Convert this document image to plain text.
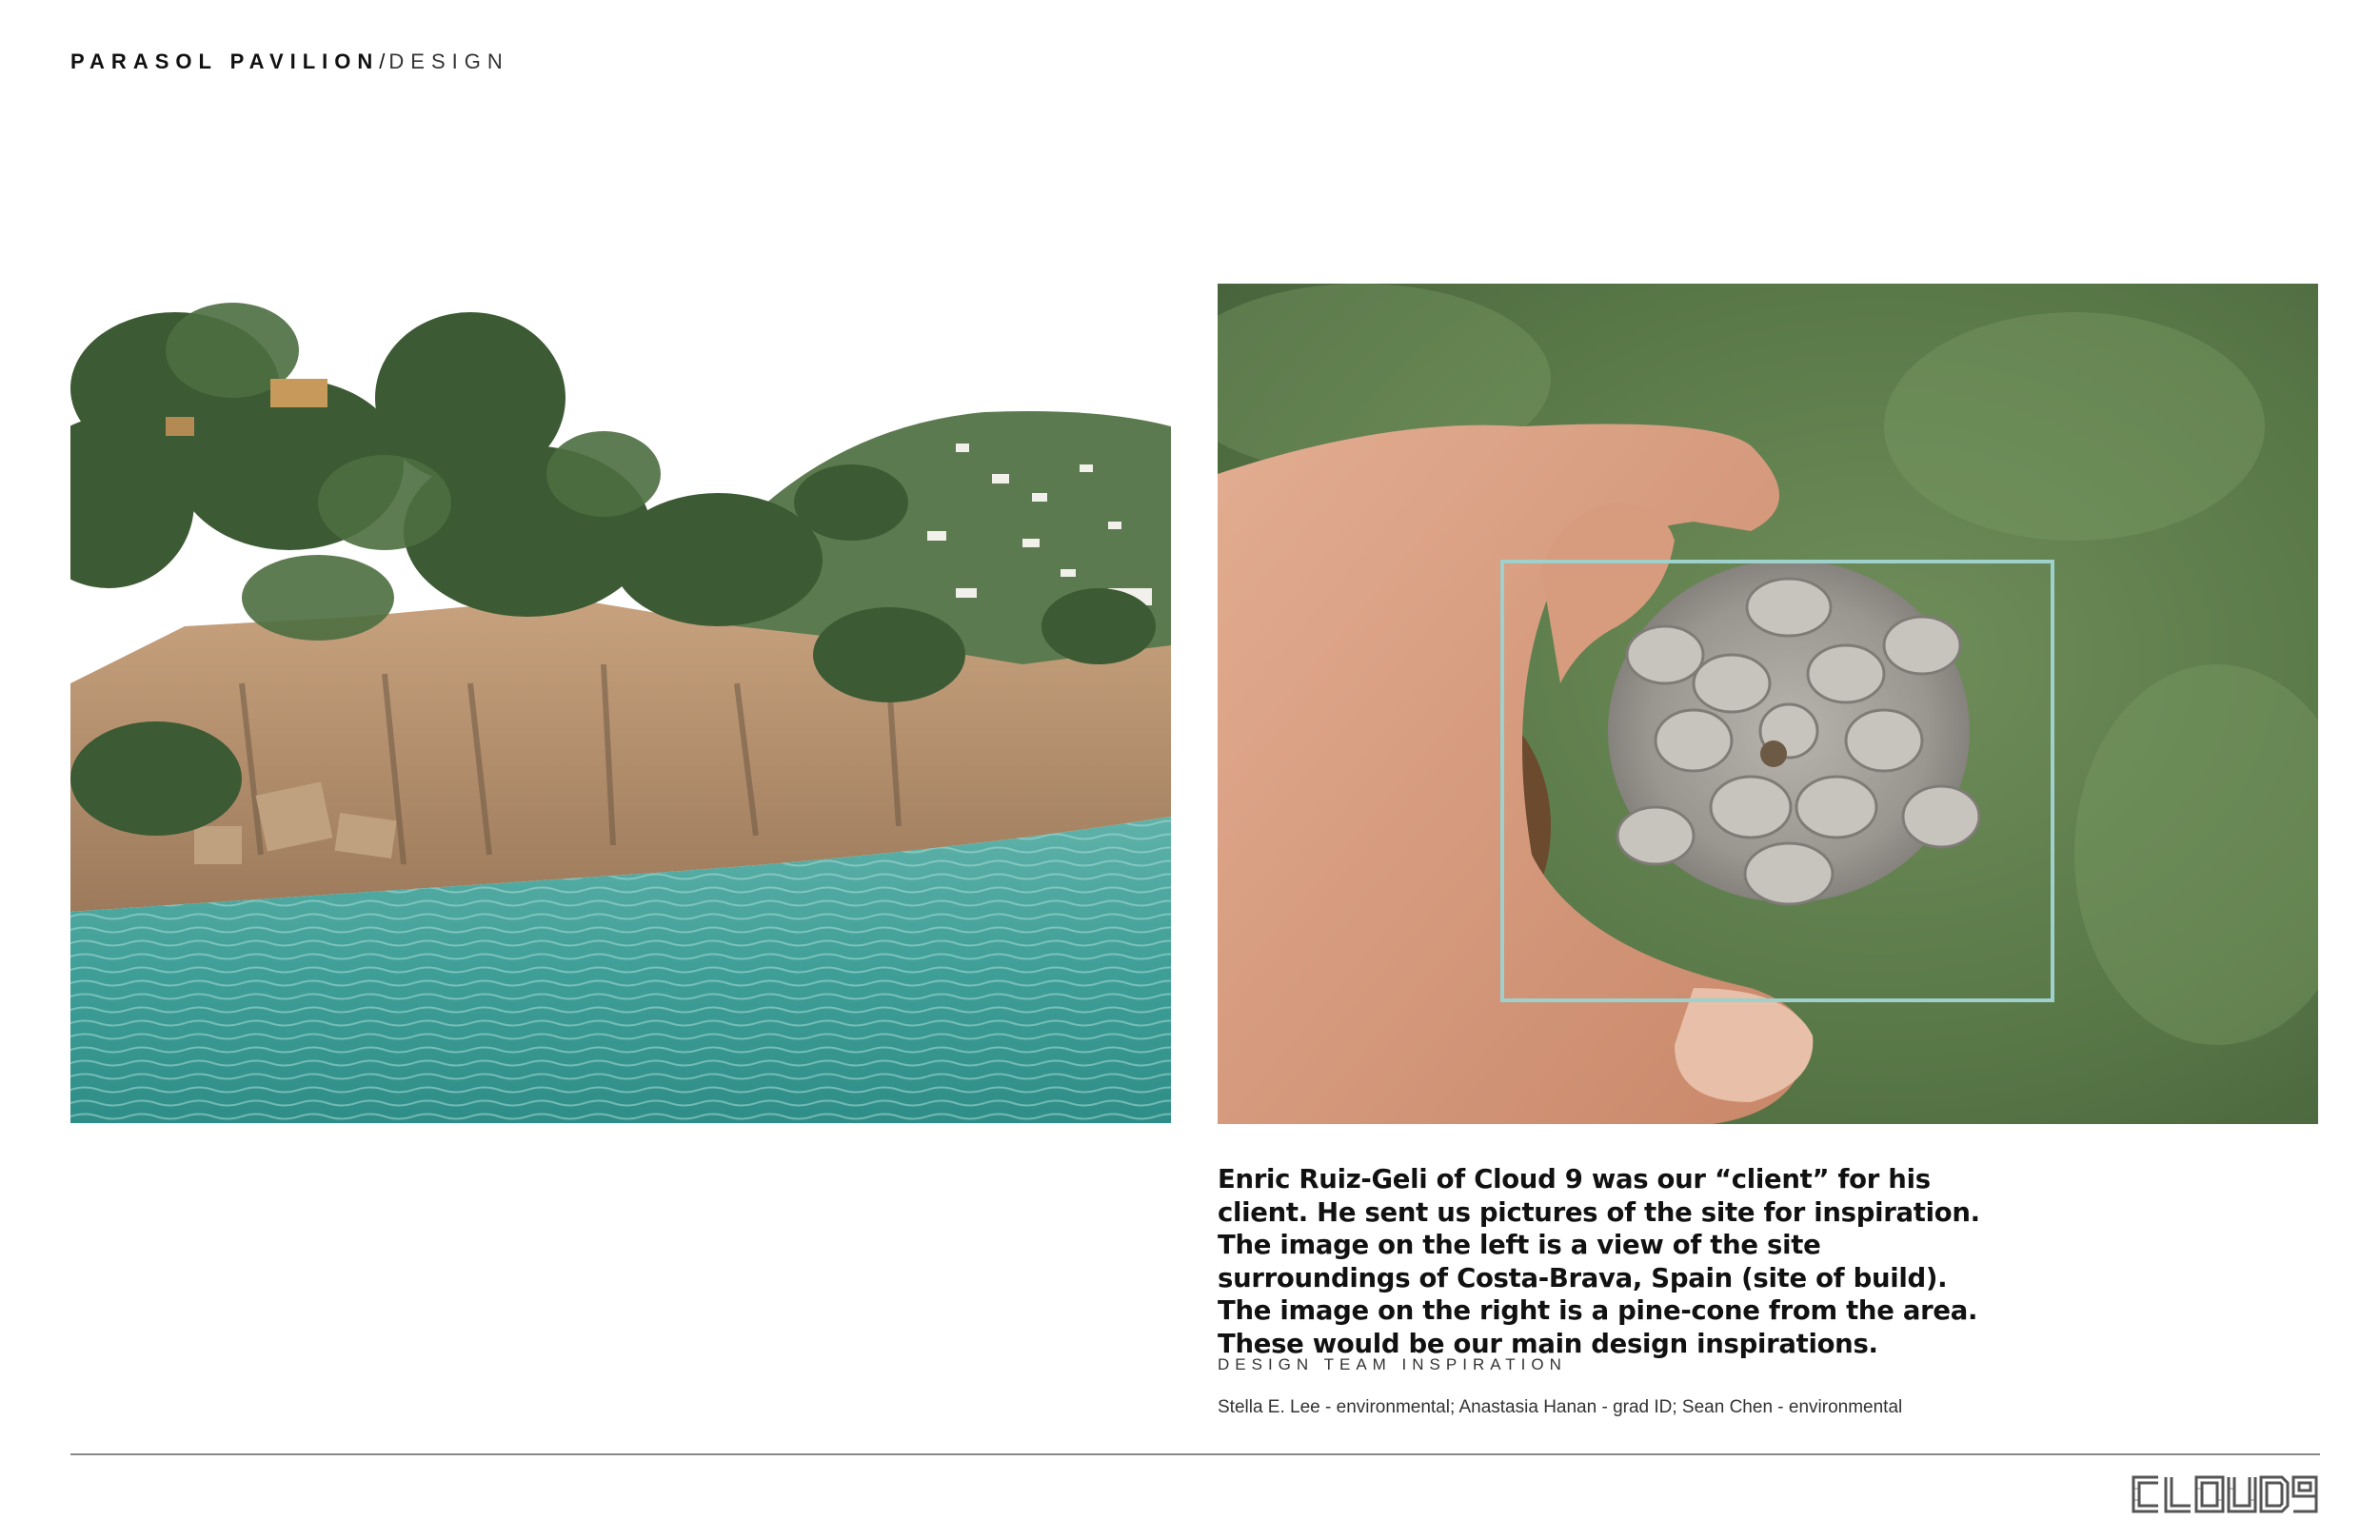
PARASOL PAVILION/DESIGN
Enric Ruiz-Geli of Cloud 9 was our “client” for his client. He sent us pictures of the site for inspiration. The image on the left is a view of the site surroundings of Costa-Brava, Spain (site of build). The image on the right is a pine-cone from the area. These would be our main design inspirations.
DESIGN TEAM INSPIRATION
Stella E. Lee - environmental; Anastasia Hanan - grad ID; Sean Chen - environmental
